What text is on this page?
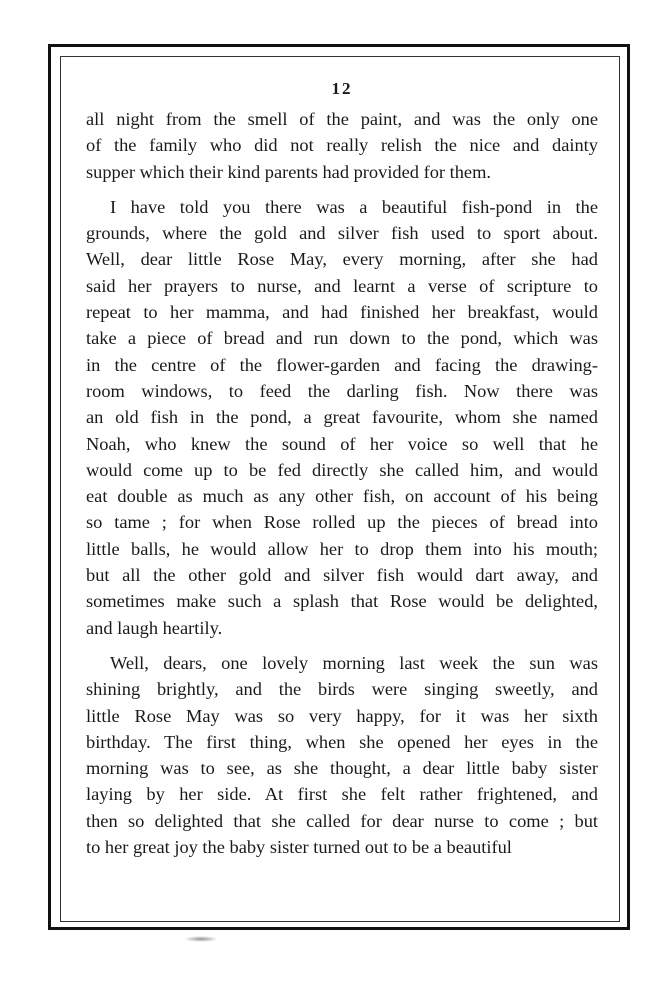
12

all night from the smell of the paint, and was the only one
of the family who did not really relish the nice and dainty
supper which their kind parents had provided for them.

I have told you there was a beautiful fish-pond in the
grounds, where the gold and silver fish used to sport about.
Well, dear little Rose May, every morning, after she had
said her prayers to nurse, and learnt a verse of scripture to
repeat to her mamma, and had finished her breakfast, would
take a piece of bread and run down to the pond, which was
in the centre of the flower-garden and facing the drawing-
room windows, to feed the darling fish. Now there was
an old fish in the pond, a great favourite, whom she named
Noah, who knew the sound of her voice so well that he
would come up to be fed directly she called him, and would
eat double as much as any other fish, on account of his being
so tame ; for when Rose rolled up the pieces of bread into
little balls, he would allow her to drop them into his mouth;
but all the other gold and silver fish would dart away, and
sometimes make such a splash that Rose would be delighted,
and laugh heartily.

Well, dears, one lovely morning last week the sun was
shining brightly, and the birds were singing sweetly, and
little Rose May was so very happy, for it was her sixth
birthday. The first thing, when she opened her eyes in the
morning was to see, as she thought, a dear little baby sister
laying by her side. At first she felt rather frightened, and
then so delighted that she called for dear nurse to come ; but
to her great joy the baby sister turned out to be a beautiful
